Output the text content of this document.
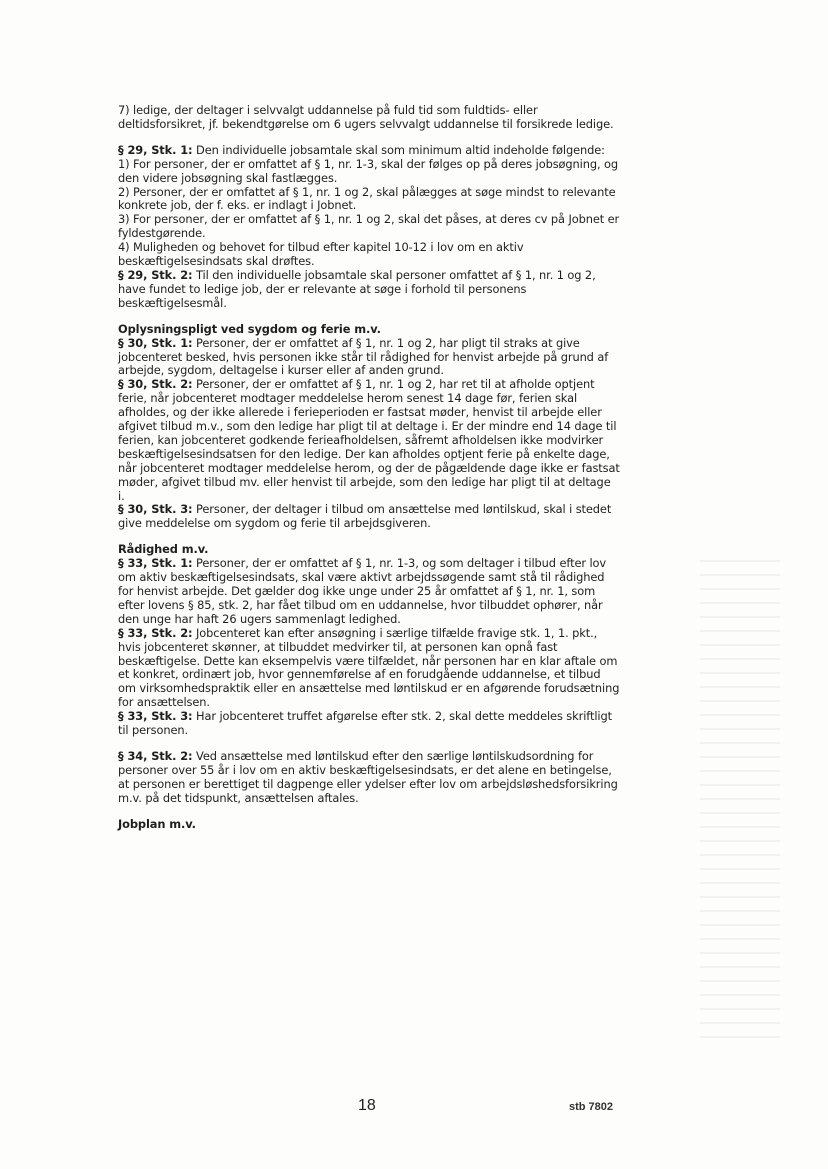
7) ledige, der deltager i selvvalgt uddannelse på fuld tid som fuldtids- eller deltidsforsikret, jf. bekendtgørelse om 6 ugers selvvalgt uddannelse til forsikrede ledige.

§ 29, Stk. 1: Den individuelle jobsamtale skal som minimum altid indeholde følgende:

1) For personer, der er omfattet af § 1, nr. 1-3, skal der følges op på deres jobsøgning, og den videre jobsøgning skal fastlægges.

2) Personer, der er omfattet af § 1, nr. 1 og 2, skal pålægges at søge mindst to relevante konkrete job, der f. eks. er indlagt i Jobnet.

3) For personer, der er omfattet af § 1, nr. 1 og 2, skal det påses, at deres cv på Jobnet er fyldestgørende.

4) Muligheden og behovet for tilbud efter kapitel 10-12 i lov om en aktiv beskæftigelsesindsats skal drøftes.

§ 29, Stk. 2: Til den individuelle jobsamtale skal personer omfattet af § 1, nr. 1 og 2, have fundet to ledige job, der er relevante at søge i forhold til personens beskæftigelsesmål.

Oplysningspligt ved sygdom og ferie m.v.

§ 30, Stk. 1: Personer, der er omfattet af § 1, nr. 1 og 2, har pligt til straks at give jobcenteret besked, hvis personen ikke står til rådighed for henvist arbejde på grund af arbejde, sygdom, deltagelse i kurser eller af anden grund.

§ 30, Stk. 2: Personer, der er omfattet af § 1, nr. 1 og 2, har ret til at afholde optjent ferie, når jobcenteret modtager meddelelse herom senest 14 dage før, ferien skal afholdes, og der ikke allerede i ferieperioden er fastsat møder, henvist til arbejde eller afgivet tilbud m.v., som den ledige har pligt til at deltage i. Er der mindre end 14 dage til ferien, kan jobcenteret godkende ferieafholdelsen, såfremt afholdelsen ikke modvirker beskæftigelsesindsatsen for den ledige. Der kan afholdes optjent ferie på enkelte dage, når jobcenteret modtager meddelelse herom, og der de pågældende dage ikke er fastsat møder, afgivet tilbud mv. eller henvist til arbejde, som den ledige har pligt til at deltage i.

§ 30, Stk. 3: Personer, der deltager i tilbud om ansættelse med løntilskud, skal i stedet give meddelelse om sygdom og ferie til arbejdsgiveren.

Rådighed m.v.

§ 33, Stk. 1: Personer, der er omfattet af § 1, nr. 1-3, og som deltager i tilbud efter lov om aktiv beskæftigelsesindsats, skal være aktivt arbejdssøgende samt stå til rådighed for henvist arbejde. Det gælder dog ikke unge under 25 år omfattet af § 1, nr. 1, som efter lovens § 85, stk. 2, har fået tilbud om en uddannelse, hvor tilbuddet ophører, når den unge har haft 26 ugers sammenlagt ledighed.

§ 33, Stk. 2: Jobcenteret kan efter ansøgning i særlige tilfælde fravige stk. 1, 1. pkt., hvis jobcenteret skønner, at tilbuddet medvirker til, at personen kan opnå fast beskæftigelse. Dette kan eksempelvis være tilfældet, når personen har en klar aftale om et konkret, ordinært job, hvor gennemførelse af en forudgående uddannelse, et tilbud om virksomhedspraktik eller en ansættelse med løntilskud er en afgørende forudsætning for ansættelsen.

§ 33, Stk. 3: Har jobcenteret truffet afgørelse efter stk. 2, skal dette meddeles skriftligt til personen.

§ 34, Stk. 2: Ved ansættelse med løntilskud efter den særlige løntilskudsordning for personer over 55 år i lov om en aktiv beskæftigelsesindsats, er det alene en betingelse, at personen er berettiget til dagpenge eller ydelser efter lov om arbejdsløshedsforsikring m.v. på det tidspunkt, ansættelsen aftales.

Jobplan m.v.

18	stb 7802
